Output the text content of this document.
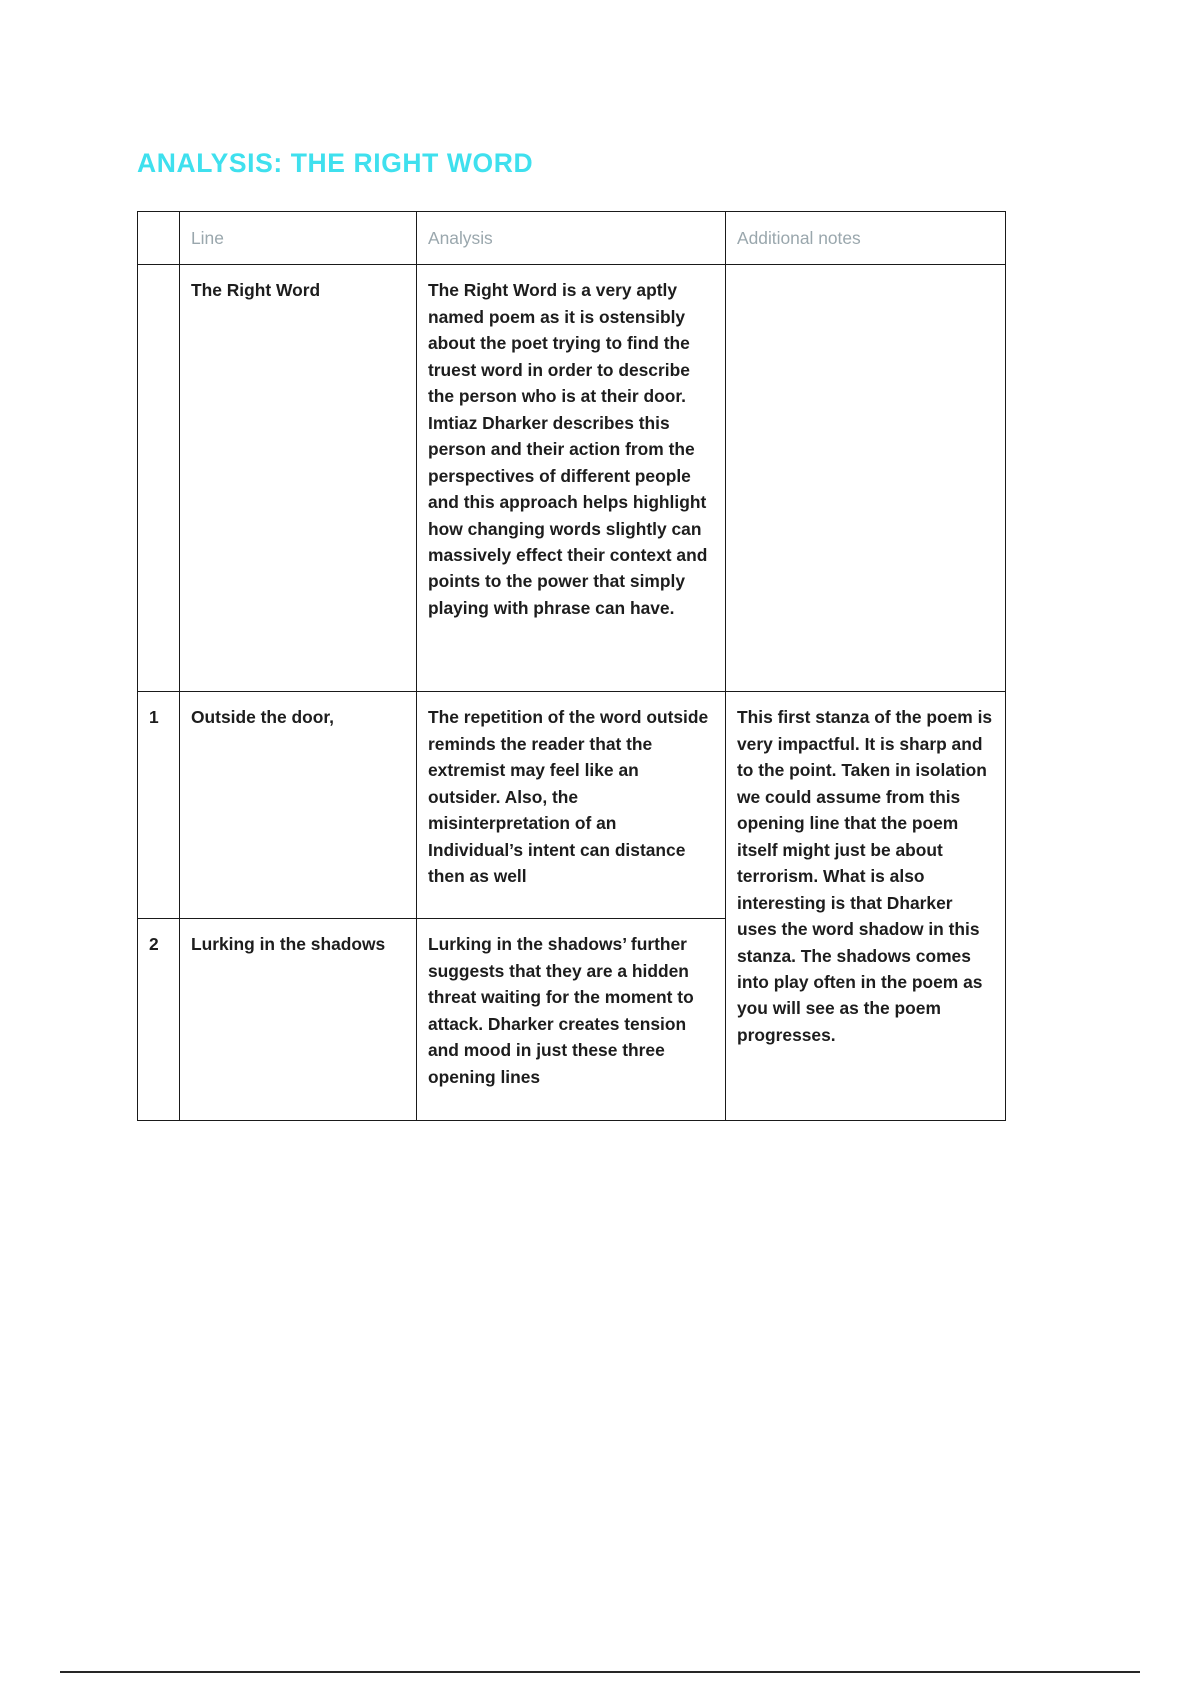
ANALYSIS: THE RIGHT WORD
	Line	Analysis	Additional notes

	The Right Word	The Right Word is a very aptly named poem as it is ostensibly about the poet trying to find the truest word in order to describe the person who is at their door. Imtiaz Dharker describes this person and their action from the perspectives of different people and this approach helps highlight how changing words slightly can massively effect their context and points to the power that simply playing with phrase can have.	

1	Outside the door,	The repetition of the word outside reminds the reader that the extremist may feel like an outsider. Also, the misinterpretation of an Individual’s intent can distance then as well	This first stanza of the poem is very impactful. It is sharp and to the point. Taken in isolation we could assume from this opening line that the poem itself might just be about terrorism. What is also interesting is that Dharker uses the word shadow in this stanza. The shadows comes into play often in the poem as you will see as the poem progresses.

2	Lurking in the shadows	Lurking in the shadows’ further suggests that they are a hidden threat waiting for the moment to attack. Dharker creates tension and mood in just these three opening lines	
